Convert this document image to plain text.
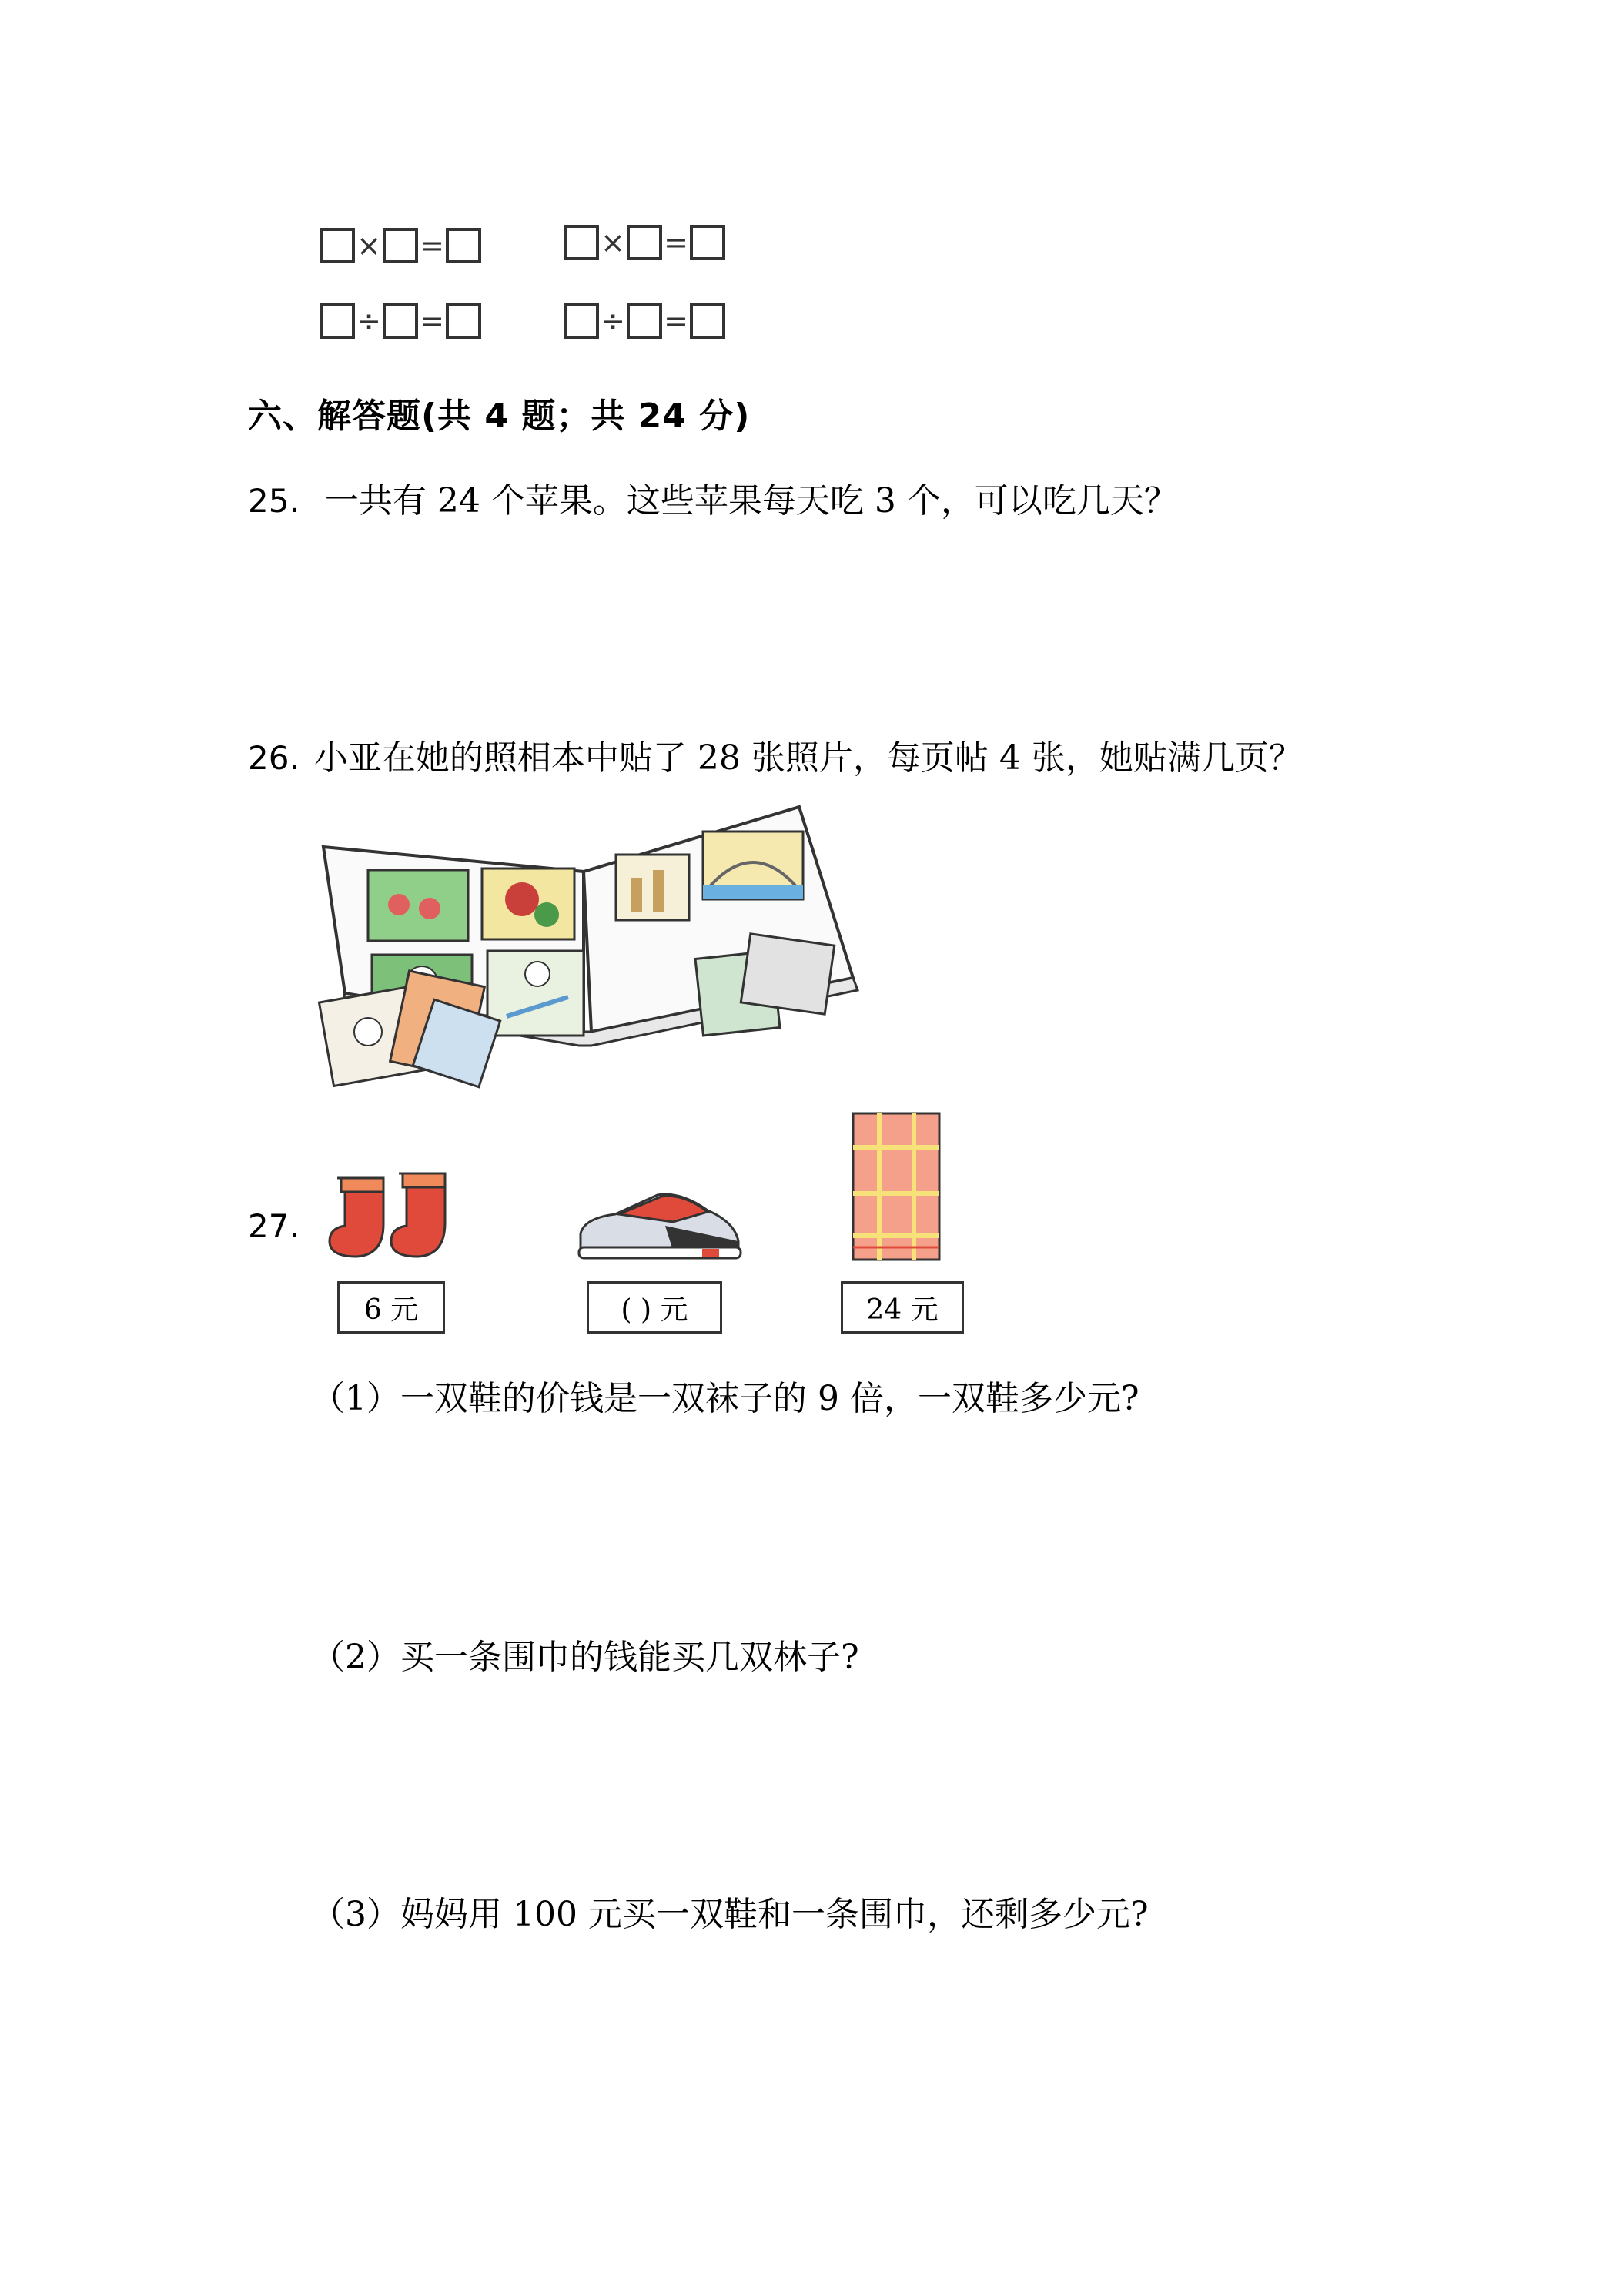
× =	× =
÷ =	÷ =
六、解答题(共 4 题；共 24 分)
25. 一共有 24 个苹果。这些苹果每天吃 3 个，可以吃几天？
26. 小亚在她的照相本中贴了 28 张照片，每页帖 4 张，她贴满几页？
27.
6 元	( ) 元	24 元
（1）一双鞋的价钱是一双袜子的 9 倍，一双鞋多少元?
（2）买一条围巾的钱能买几双林子?
（3）妈妈用 100 元买一双鞋和一条围巾，还剩多少元?
